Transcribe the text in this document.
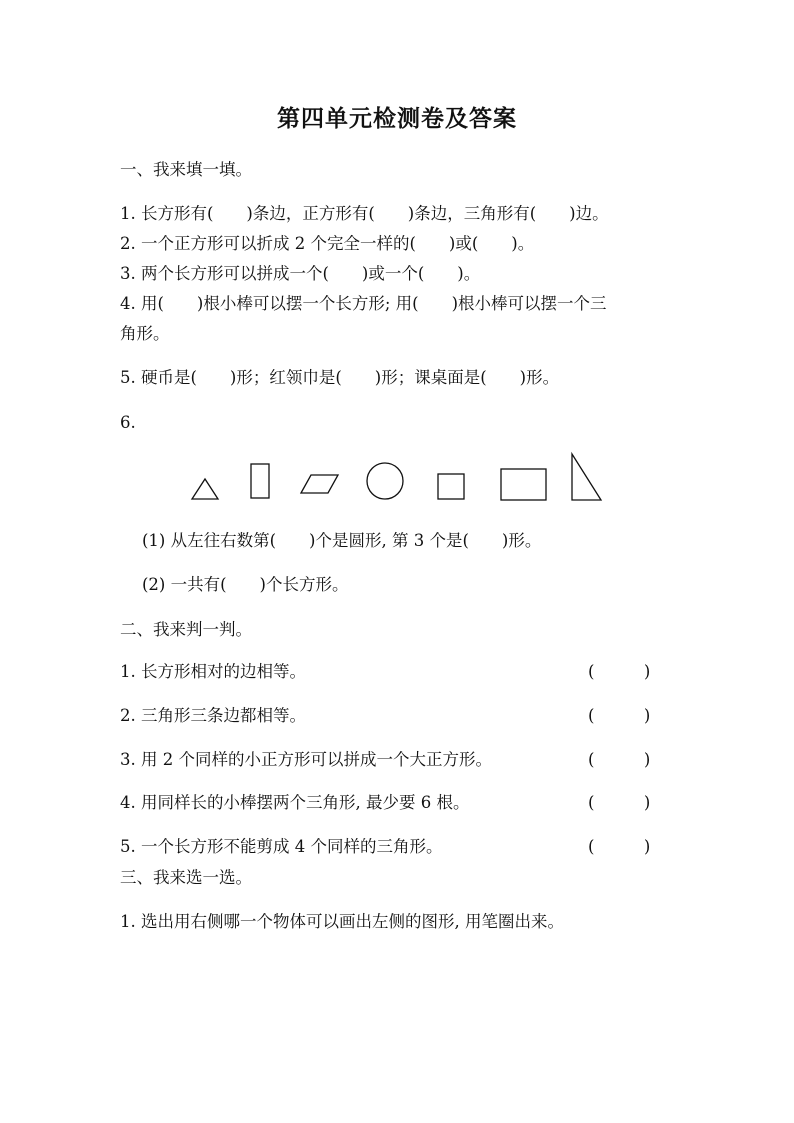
第四单元检测卷及答案
一、我来填一填。
1. 长方形有(　　)条边，正方形有(　　)条边，三角形有(　　)边。
2. 一个正方形可以折成 2 个完全一样的(　　)或(　　)。
3. 两个长方形可以拼成一个(　　)或一个(　　)。
4. 用(　　)根小棒可以摆一个长方形; 用(　　)根小棒可以摆一个三
角形。
5. 硬币是(　　)形；红领巾是(　　)形；课桌面是(　　)形。
6.
(1) 从左往右数第(　　)个是圆形, 第 3 个是(　　)形。
(2) 一共有(　　)个长方形。
二、我来判一判。
1. 长方形相对的边相等。	(　　　)
2. 三角形三条边都相等。	(　　　)
3. 用 2 个同样的小正方形可以拼成一个大正方形。	(　　　)
4. 用同样长的小棒摆两个三角形, 最少要 6 根。	(　　　)
5. 一个长方形不能剪成 4 个同样的三角形。	(　　　)
三、我来选一选。
1. 选出用右侧哪一个物体可以画出左侧的图形, 用笔圈出来。
